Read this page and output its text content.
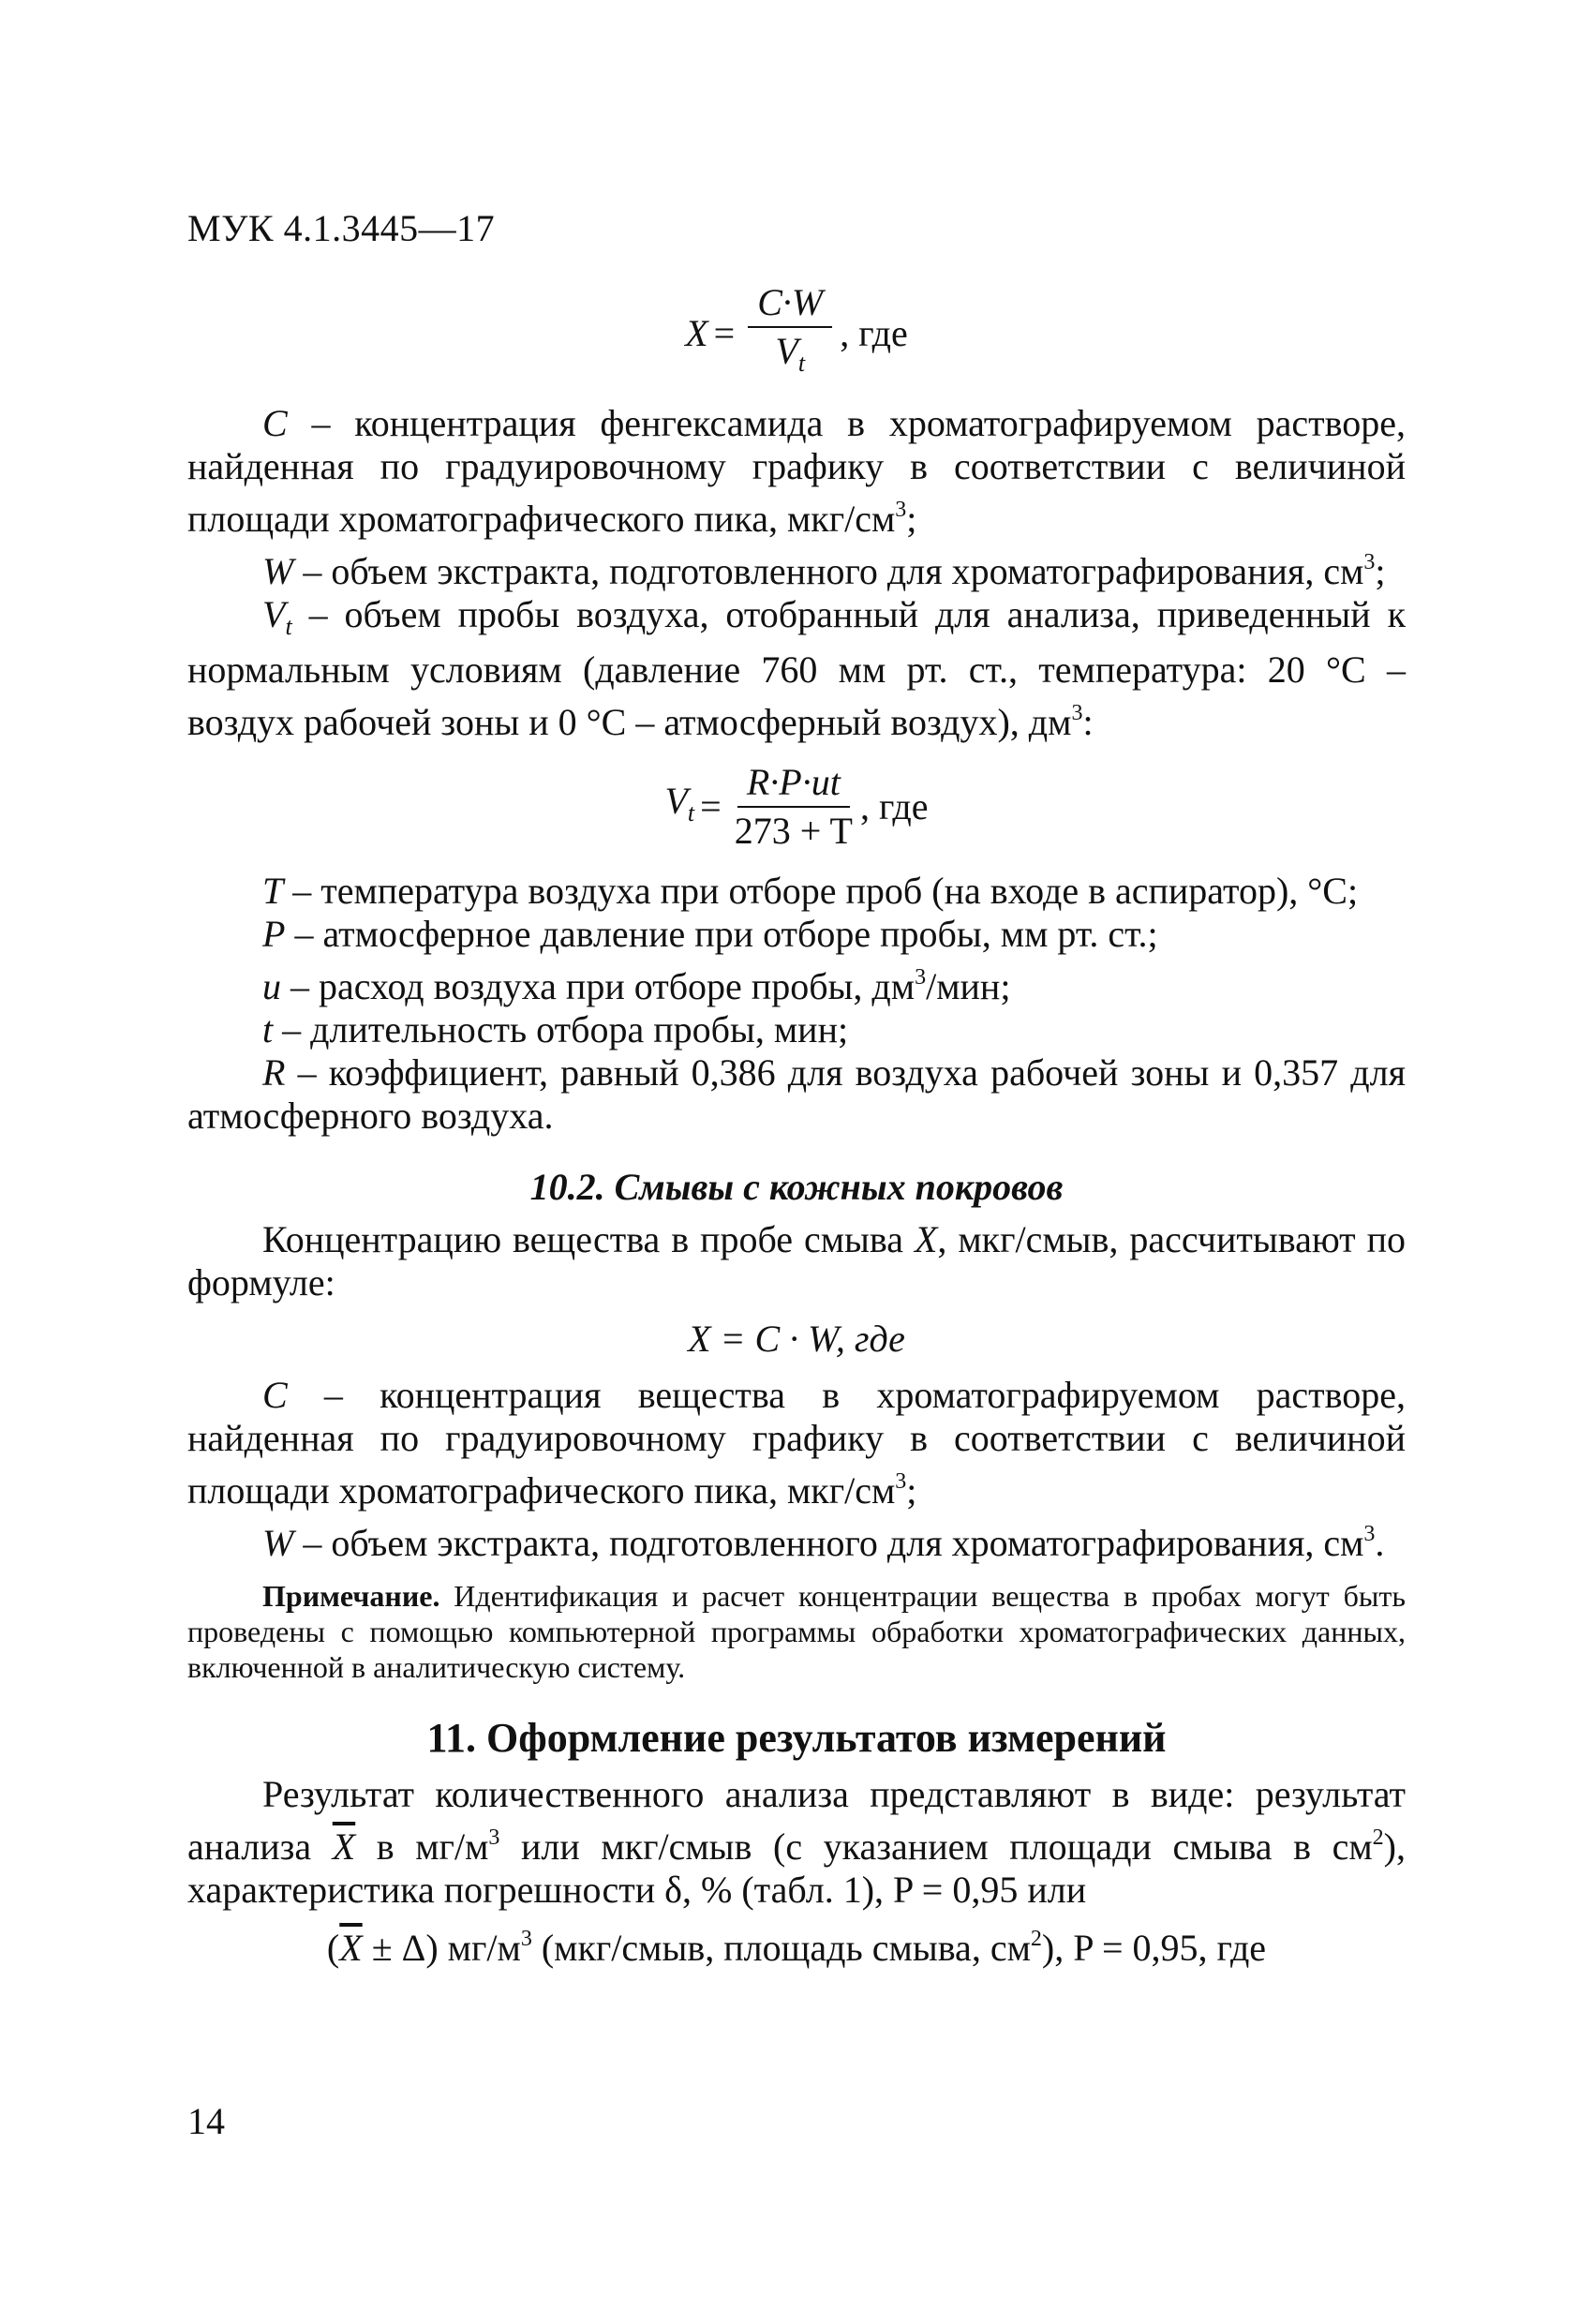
МУК 4.1.3445—17
$X = \frac{C\cdot W}{V_t}$ , где
C – концентрация фенгексамида в хроматографируемом растворе, найденная по градуировочному графику в соответствии с величиной площади хроматографического пика, мкг/$см^3$;
W – объем экстракта, подготовленного для хроматографирования, $см^3$;
$V_t$ – объем пробы воздуха, отобранный для анализа, приведенный к нормальным условиям (давление 760 мм рт. ст., температура: 20 °С – воздух рабочей зоны и 0 °С – атмосферный воздух), $дм^3$:
$V_t = \frac{R\cdot P\cdot ut}{273 + T}$ , где
T – температура воздуха при отборе проб (на входе в аспиратор), °С;
P – атмосферное давление при отборе пробы, мм рт. ст.;
u – расход воздуха при отборе пробы, $дм^3$/мин;
t – длительность отбора пробы, мин;
R – коэффициент, равный 0,386 для воздуха рабочей зоны и 0,357 для атмосферного воздуха.
10.2. Смывы с кожных покровов
Концентрацию вещества в пробе смыва X, мкг/смыв, рассчитывают по формуле:
X = C · W, где
C – концентрация вещества в хроматографируемом растворе, найденная по градуировочному графику в соответствии с величиной площади хроматографического пика, мкг/$см^3$;
W – объем экстракта, подготовленного для хроматографирования, $см^3$.
Примечание. Идентификация и расчет концентрации вещества в пробах могут быть проведены с помощью компьютерной программы обработки хроматографических данных, включенной в аналитическую систему.
11. Оформление результатов измерений
Результат количественного анализа представляют в виде: результат анализа $\overline{X}$ в $мг/м^3$ или мкг/смыв (с указанием площади смыва в $см^2$), характеристика погрешности δ, % (табл. 1), P = 0,95 или
$(\overline{X} \pm \Delta)$ $мг/м^3$ (мкг/смыв, площадь смыва, $см^2$), P = 0,95, где
14
